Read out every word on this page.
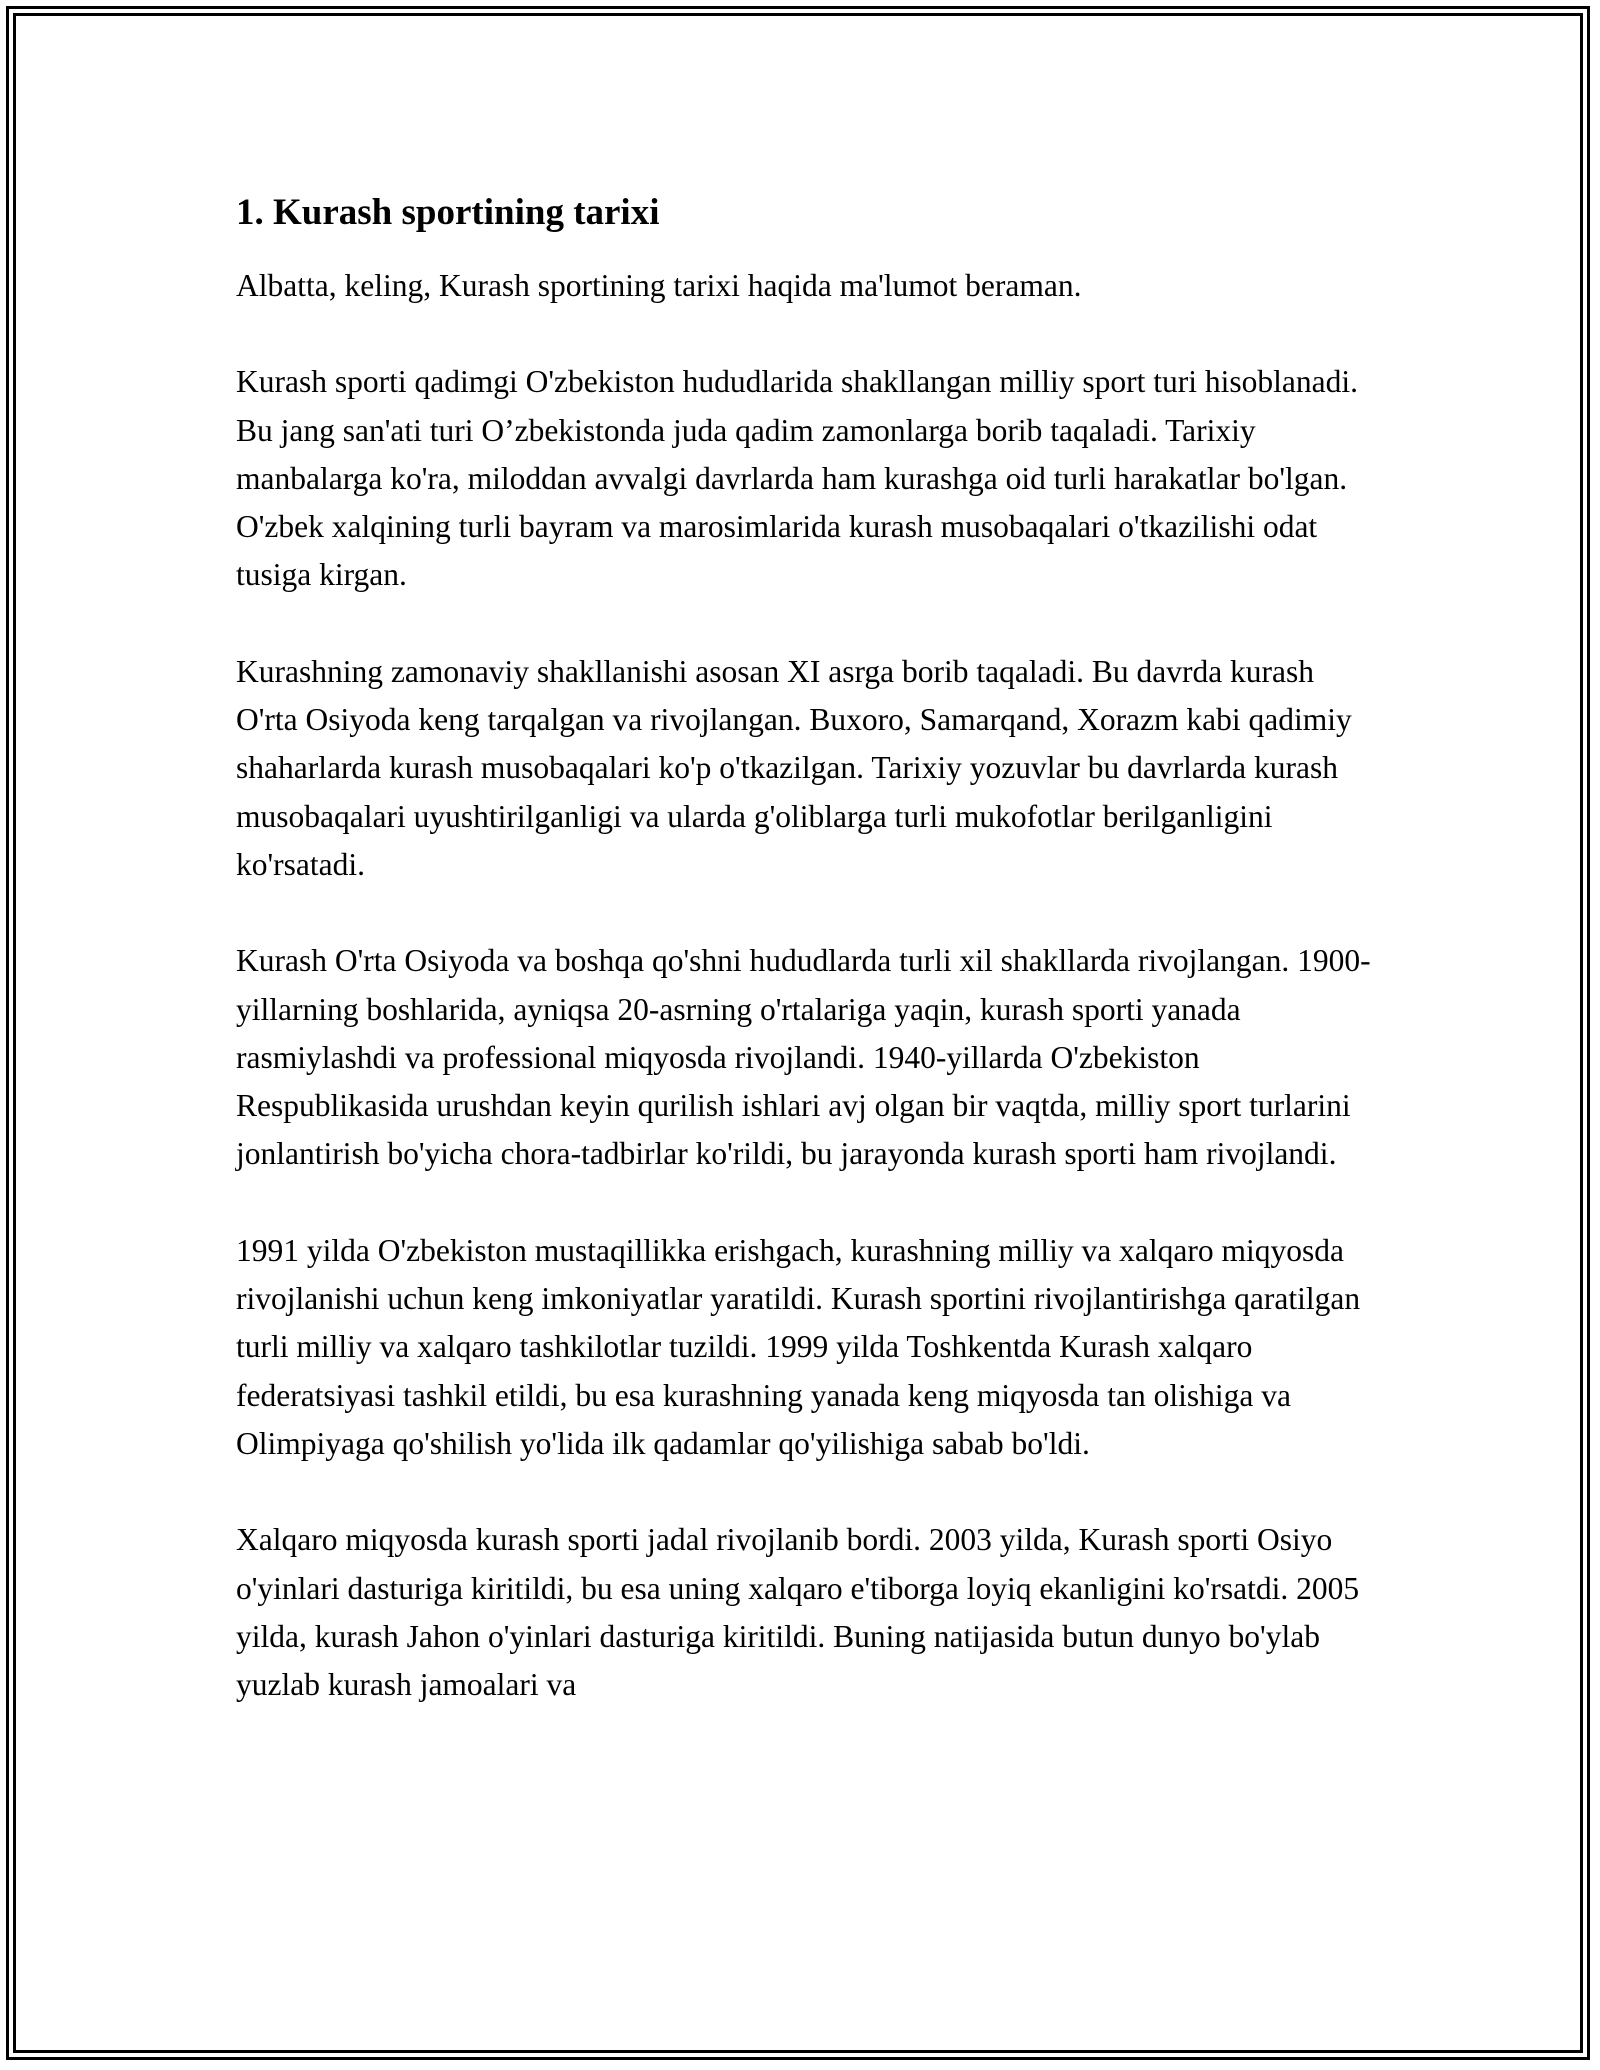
1. Kurash sportining tarixi

Albatta, keling, Kurash sportining tarixi haqida ma'lumot beraman.

Kurash sporti qadimgi O'zbekiston hududlarida shakllangan milliy sport turi hisoblanadi. Bu jang san'ati turi O’zbekistonda juda qadim zamonlarga borib taqaladi. Tarixiy manbalarga ko'ra, miloddan avvalgi davrlarda ham kurashga oid turli harakatlar bo'lgan. O'zbek xalqining turli bayram va marosimlarida kurash musobaqalari o'tkazilishi odat tusiga kirgan.

Kurashning zamonaviy shakllanishi asosan XI asrga borib taqaladi. Bu davrda kurash O'rta Osiyoda keng tarqalgan va rivojlangan. Buxoro, Samarqand, Xorazm kabi qadimiy shaharlarda kurash musobaqalari ko'p o'tkazilgan. Tarixiy yozuvlar bu davrlarda kurash musobaqalari uyushtirilganligi va ularda g'oliblarga turli mukofotlar berilganligini ko'rsatadi.

Kurash O'rta Osiyoda va boshqa qo'shni hududlarda turli xil shakllarda rivojlangan. 1900-yillarning boshlarida, ayniqsa 20-asrning o'rtalariga yaqin, kurash sporti yanada rasmiylashdi va professional miqyosda rivojlandi. 1940-yillarda O'zbekiston Respublikasida urushdan keyin qurilish ishlari avj olgan bir vaqtda, milliy sport turlarini jonlantirish bo'yicha chora-tadbirlar ko'rildi, bu jarayonda kurash sporti ham rivojlandi.

1991 yilda O'zbekiston mustaqillikka erishgach, kurashning milliy va xalqaro miqyosda rivojlanishi uchun keng imkoniyatlar yaratildi. Kurash sportini rivojlantirishga qaratilgan turli milliy va xalqaro tashkilotlar tuzildi. 1999 yilda Toshkentda Kurash xalqaro federatsiyasi tashkil etildi, bu esa kurashning yanada keng miqyosda tan olishiga va Olimpiyaga qo'shilish yo'lida ilk qadamlar qo'yilishiga sabab bo'ldi.

Xalqaro miqyosda kurash sporti jadal rivojlanib bordi. 2003 yilda, Kurash sporti Osiyo o'yinlari dasturiga kiritildi, bu esa uning xalqaro e'tiborga loyiq ekanligini ko'rsatdi. 2005 yilda, kurash Jahon o'yinlari dasturiga kiritildi. Buning natijasida butun dunyo bo'ylab yuzlab kurash jamoalari va
